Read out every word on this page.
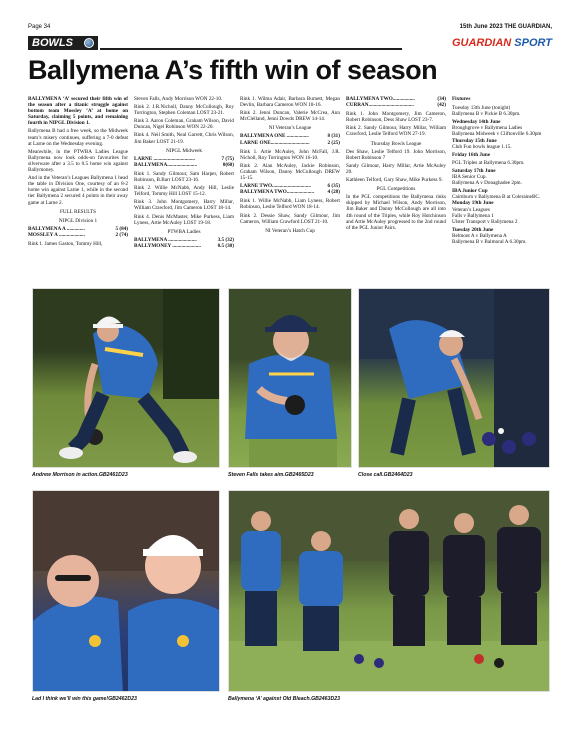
Page 34	15th June 2023 THE GUARDIAN,
BOWLS	GUARDIAN SPORT
Ballymena A’s fifth win of season

BALLYMENA ‘A’ secured their fifth win of the season after a titanic struggle against bottom team Mossley ‘A’ at home on Saturday, claiming 5 points, and remaining fourth in NIPGL Division 1.

Ballymena B had a free week, so the Midweek team’s misery continues, suffering a 7-0 defeat at Larne on the Wednesday evening.

Meanwhile, in the PTWBA Ladies League Ballymena now look odds-on favourites for silverware after a 3.5 to 0.5 home win against Ballymoney.

And in the Veteran’s Leagues Ballymena 1 head the table in Division One, courtesy of an 8-2 home win against Larne 1, while in the second tier Ballymena 2 secured 4 points in their away game at Larne 2.

FULL RESULTS

NIPGL Division 1

BALLYMENA A ..............	5 (84)
MOSSLEY A ....................	2 (74)

Rink 1. James Gaston, Tommy Hill,

Steven Falls, Andy Morrison WON 22-10.

Rink 2. J.R.Nicholl, Danny McCullough, Roy Torrington, Stephen Coleman LOST 23-21.

Rink 3. Aaron Coleman, Graham Wilson, David Duncan, Nigel Robinson WON 22-20.

Rink 4. Neil Smith, Neal Garrett, Chris Wilson, Jim Baker LOST 21-19.

NIPGL Midweek

LARNE ................................	7 (75)
BALLYMENA.......................	0(60)

Rink 1. Sandy Gilmour, Sam Harper, Robert Robinson, B.Barr LOST 23-16.

Rink 2. Willie McNabb, Andy Hill, Leslie Telford, Tommy Hill LOST 15-12.

Rink 3. John Montgomery, Harry Millar, William Crawford, Jim Cameron LOST 18-14.

Rink 4. Denis McMaster, Mike Purkess, Liam Lyness, Artie McAuley LOST 19-18.

PTWBA Ladies

BALLYMENA ......................	3.5 (32)
BALLYMONEY ......................	0.5 (30)

Rink 1. Wilma Adair, Barbara Burnett, Megan Devlin, Barbara Cameron WON 18-16.

Rink 2. Jenni Duncan, Valerie McCrea, Ann McClelland, Jenni Dowds DREW 14-14.

NI Veteran’s League

BALLYMENA ONE .................	8 (31)
LARNE ONE..............................	2 (25)

Rink 1. Artie McAuley, John McFall, J.R. Nicholl, Roy Torrington WON 16-10.

Rink 2. Alan McAuley, Jackie Robinson, Graham Wilson, Danny McCullough DREW 15-15.

LARNE TWO..............................	6 (35)
BALLYMENA TWO.....................	4 (28)

Rink 1. Willie McNabb, Liam Lyness, Robert Robinson, Leslie Telford WON 18-14.

Rink 2. Dessie Shaw, Sandy Gilmour, Jim Cameron, William Crawford LOST 21-10.

NI Veteran’s Hatch Cup

BALLYMENA TWO.................	(34)
CURRAN...................................	(42)

Rink 1. John Montgomery, Jim Cameron, Robert Robinson, Dess Shaw LOST 23-7.

Rink 2. Sandy Gilmour, Harry Millar, William Crawford, Leslie Telford WON 27-19.

Thursday Bowls League

Des Shaw, Leslie Telford 19. John Morrison, Robert Robinson 7

Sandy Gilmour, Harry Millar, Artie McAuley 20.

Kathleen Telford, Gary Shaw, Mike Purkess 9.

PGL Competitions

In the PGL competitions the Ballymena rinks skipped by Michael Wilson, Andy Morrison, Jim Baker and Danny McCullough are all into 4th round of the Triples, while Roy Hutchinson and Artie McAuley progressed to the 2nd round of the PGL Junior Pairs.

Fixtures

Tuesday 13th June (tonight)

Ballymena B v Pickie B 6.30pm.

Wednesday 14th June

Broughgrove v Ballymena Ladies

Ballymena Midweek v Cliftonville 6.30pm

Thursday 15th June

Club Fun bowls league 1.15.

Friday 16th June

PGL Triples at Ballymena 6.30pm.

Saturday 17th June

IBA Senior Cup.

Ballymena A v Donaghadee 2pm.

IBA Junior Cup

Cairnburn v Ballymena B at ColeraineBC.

Monday 19th June

Veteran’s Leagues

Falls v Ballymena 1

Ulster Transport v Ballymena 2

Tuesday 20th June

Belmont A v Ballymena A

Ballymena B v Balmoral A 6.30pm.

Andrew Morrison in action.GB2461D23	Steven Falls takes aim.GB2465D23	Close call.GB2464D23
Lad I think we’ll win this game!GB2462D23	Ballymena ‘A’ against Old Bleach.GB2463D23
